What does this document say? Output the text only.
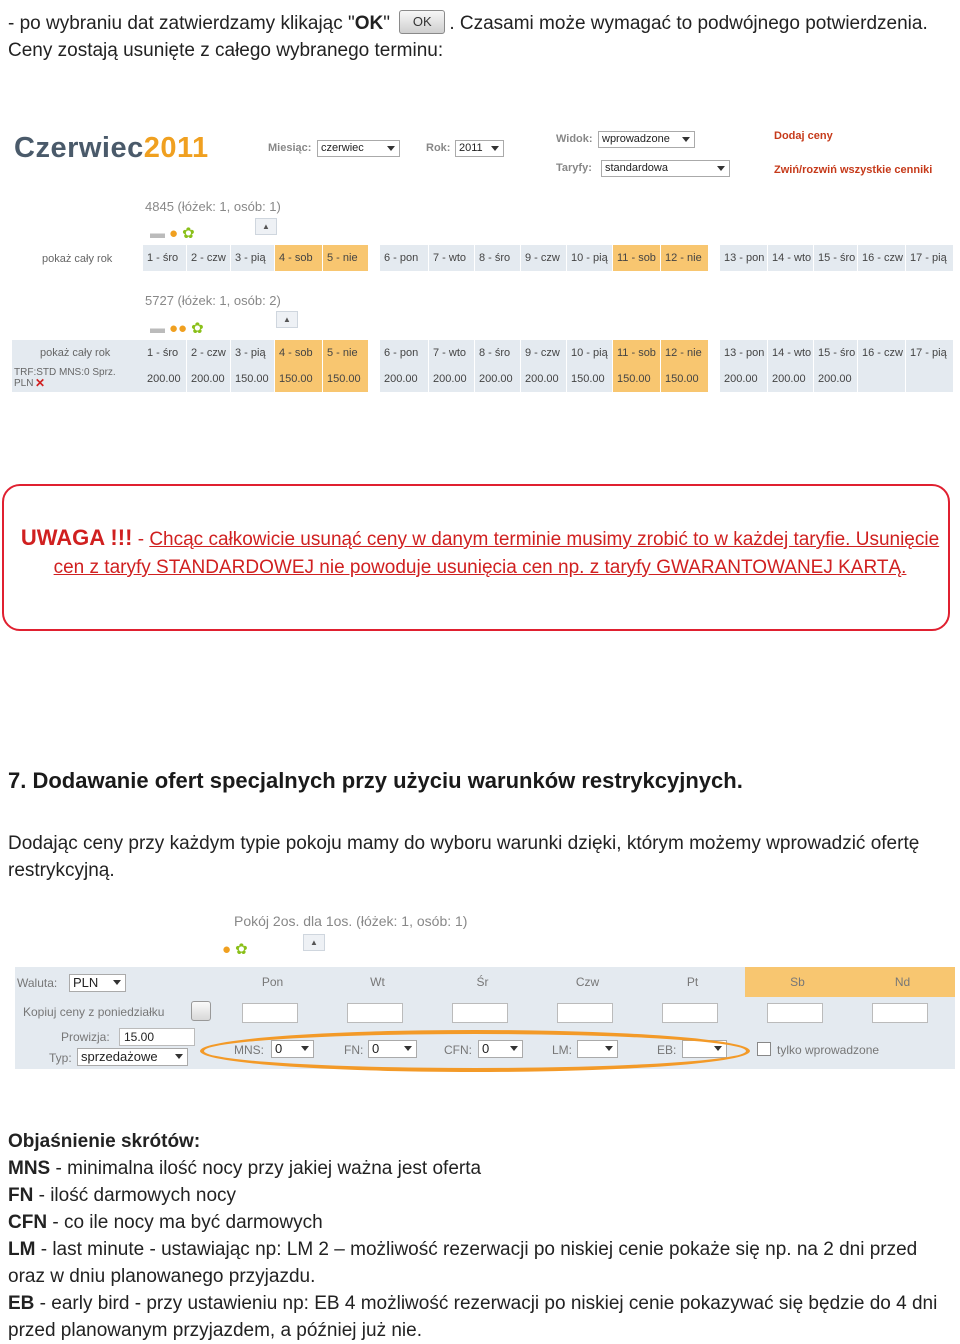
- po wybraniu dat zatwierdzamy klikając "OK" OK . Czasami może wymagać to podwójnego potwierdzenia. Ceny zostają usunięte z całego wybranego terminu:
Czerwiec2011	Miesiąc: czerwiec	Rok: 2011
Widok: wprowadzone
Taryfy:	standardowa
Dodaj ceny
Zwiń/rozwiń wszystkie cenniki
4845 (łóżek: 1, osób: 1)
▬ ● ✿	▲
pokaż cały rok	1 - śro	2 - czw 3 - pią	4 - sob	5 - nie	6 - pon	7 - wto	8 - śro	9 - czw	10 - pią 11 - sob 12 - nie	13 - pon 14 - wto 15 - śro 16 - czw 17 - pią
5727 (łóżek: 1, osób: 2)
▬ ●● ✿
▲
pokaż cały rok
TRF:STD MNS:0 Sprz.
PLN ✕
1 - śro	2 - czw 3 - pią	4 - sob	5 - nie	6 - pon	7 - wto	8 - śro	9 - czw	10 - pią 11 - sob 12 - nie	13 - pon 14 - wto 15 - śro 16 - czw 17 - pią
200.00 200.00 150.00 150.00	150.00	200.00	200.00	200.00	200.00	150.00	150.00	150.00	200.00	200.00	200.00
UWAGA !!! - Chcąc całkowicie usunąć ceny w danym terminie musimy zrobić to w każdej taryfie. Usunięcie cen z taryfy STANDARDOWEJ nie powoduje usunięcia cen np. z taryfy GWARANTOWANEJ KARTĄ.
7. Dodawanie ofert specjalnych przy użyciu warunków restrykcyjnych.
Dodając ceny przy każdym typie pokoju mamy do wyboru warunki dzięki, którym możemy wprowadzić ofertę restrykcyjną.
Pokój 2os. dla 1os. (łóżek: 1, osób: 1)
● ✿	▲
Pon	Wt	Śr	Czw	Pt	Sb	Nd
Waluta:	PLN
Kopiuj ceny z poniedziałku
Prowizja:	15.00
Typ: sprzedażowe	MNS: 0	FN: 0	CFN: 0	LM:	EB:	tylko wprowadzone
Objaśnienie skrótów:
MNS - minimalna ilość nocy przy jakiej ważna jest oferta
FN - ilość darmowych nocy
CFN - co ile nocy ma być darmowych
LM - last minute - ustawiając np: LM 2 – możliwość rezerwacji po niskiej cenie pokaże się np. na 2 dni przed oraz w dniu planowanego przyjazdu.
EB - early bird - przy ustawieniu np: EB 4 możliwość rezerwacji po niskiej cenie pokazywać się będzie do 4 dni przed planowanym przyjazdem, a później już nie.
